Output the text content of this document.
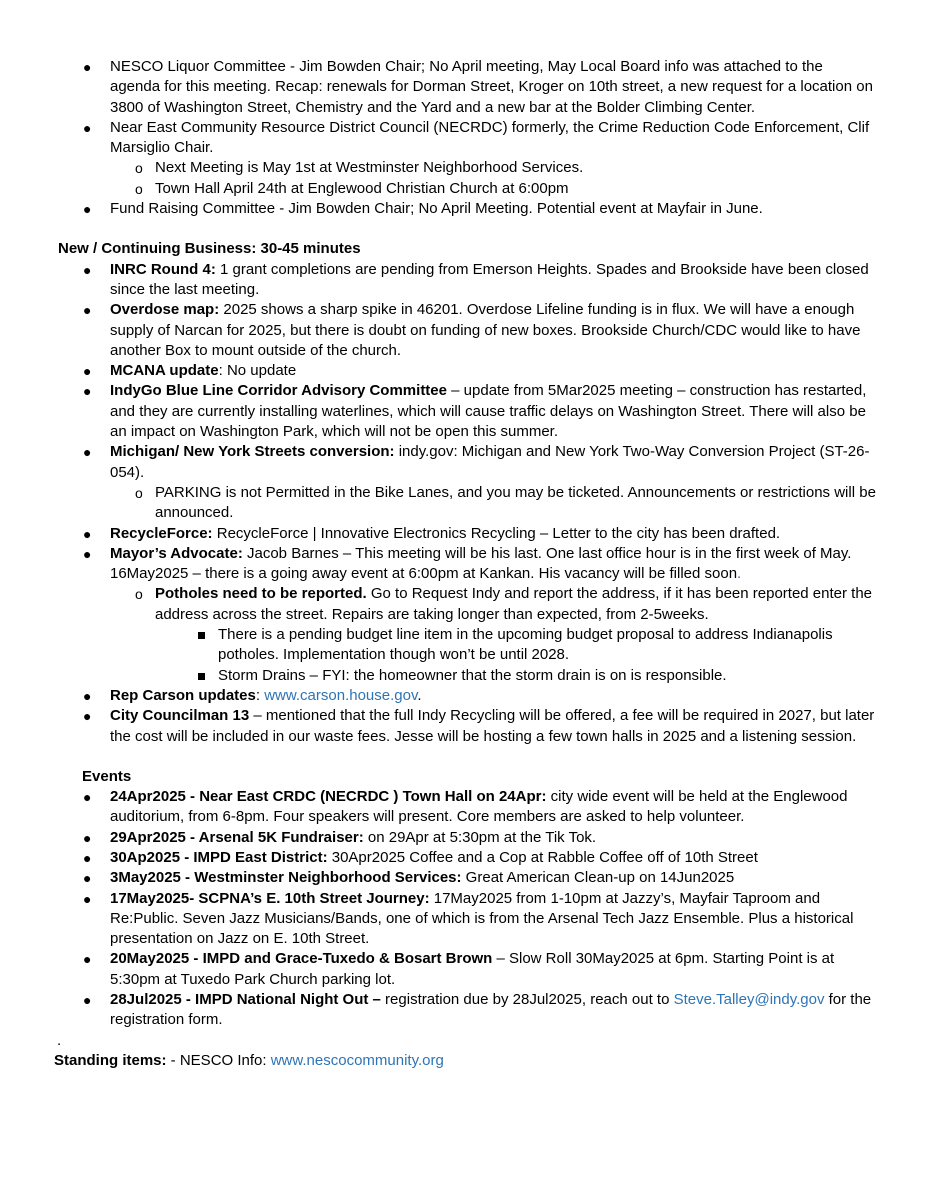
● NESCO Liquor Committee - Jim Bowden Chair; No April meeting, May Local Board info was attached to the agenda for this meeting. Recap: renewals for Dorman Street, Kroger on 10th street, a new request for a location on 3800 of Washington Street, Chemistry and the Yard and a new bar at the Bolder Climbing Center.
● Near East Community Resource District Council (NECRDC) formerly, the Crime Reduction Code Enforcement, Clif Marsiglio Chair.
o Next Meeting is May 1st at Westminster Neighborhood Services.
o Town Hall April 24th at Englewood Christian Church at 6:00pm
● Fund Raising Committee - Jim Bowden Chair; No April Meeting. Potential event at Mayfair in June.
New / Continuing Business: 30-45 minutes
● INRC Round 4: 1 grant completions are pending from Emerson Heights. Spades and Brookside have been closed since the last meeting.
● Overdose map: 2025 shows a sharp spike in 46201. Overdose Lifeline funding is in flux. We will have a enough supply of Narcan for 2025, but there is doubt on funding of new boxes. Brookside Church/CDC would like to have another Box to mount outside of the church.
● MCANA update: No update
● IndyGo Blue Line Corridor Advisory Committee – update from 5Mar2025 meeting – construction has restarted, and they are currently installing waterlines, which will cause traffic delays on Washington Street. There will also be an impact on Washington Park, which will not be open this summer.
● Michigan/ New York Streets conversion: indy.gov: Michigan and New York Two-Way Conversion Project (ST-26-054).
o PARKING is not Permitted in the Bike Lanes, and you may be ticketed. Announcements or restrictions will be announced.
● RecycleForce: RecycleForce | Innovative Electronics Recycling – Letter to the city has been drafted.
● Mayor’s Advocate: Jacob Barnes – This meeting will be his last. One last office hour is in the first week of May. 16May2025 – there is a going away event at 6:00pm at Kankan. His vacancy will be filled soon.
o Potholes need to be reported. Go to Request Indy and report the address, if it has been reported enter the address across the street. Repairs are taking longer than expected, from 2-5weeks.
There is a pending budget line item in the upcoming budget proposal to address Indianapolis potholes. Implementation though won’t be until 2028.
Storm Drains – FYI: the homeowner that the storm drain is on is responsible.
● Rep Carson updates: www.carson.house.gov.
● City Councilman 13 – mentioned that the full Indy Recycling will be offered, a fee will be required in 2027, but later the cost will be included in our waste fees. Jesse will be hosting a few town halls in 2025 and a listening session.
Events
● 24Apr2025 - Near East CRDC (NECRDC ) Town Hall on 24Apr: city wide event will be held at the Englewood auditorium, from 6-8pm. Four speakers will present. Core members are asked to help volunteer.
● 29Apr2025 - Arsenal 5K Fundraiser: on 29Apr at 5:30pm at the Tik Tok.
● 30Ap2025 - IMPD East District: 30Apr2025 Coffee and a Cop at Rabble Coffee off of 10th Street
● 3May2025 - Westminster Neighborhood Services: Great American Clean-up on 14Jun2025
● 17May2025- SCPNA’s E. 10th Street Journey: 17May2025 from 1-10pm at Jazzy’s, Mayfair Taproom and Re:Public. Seven Jazz Musicians/Bands, one of which is from the Arsenal Tech Jazz Ensemble. Plus a historical presentation on Jazz on E. 10th Street.
● 20May2025 - IMPD and Grace-Tuxedo & Bosart Brown – Slow Roll 30May2025 at 6pm. Starting Point is at 5:30pm at Tuxedo Park Church parking lot.
● 28Jul2025 - IMPD National Night Out – registration due by 28Jul2025, reach out to Steve.Talley@indy.gov for the registration form.
.
Standing items: - NESCO Info: www.nescocommunity.org
